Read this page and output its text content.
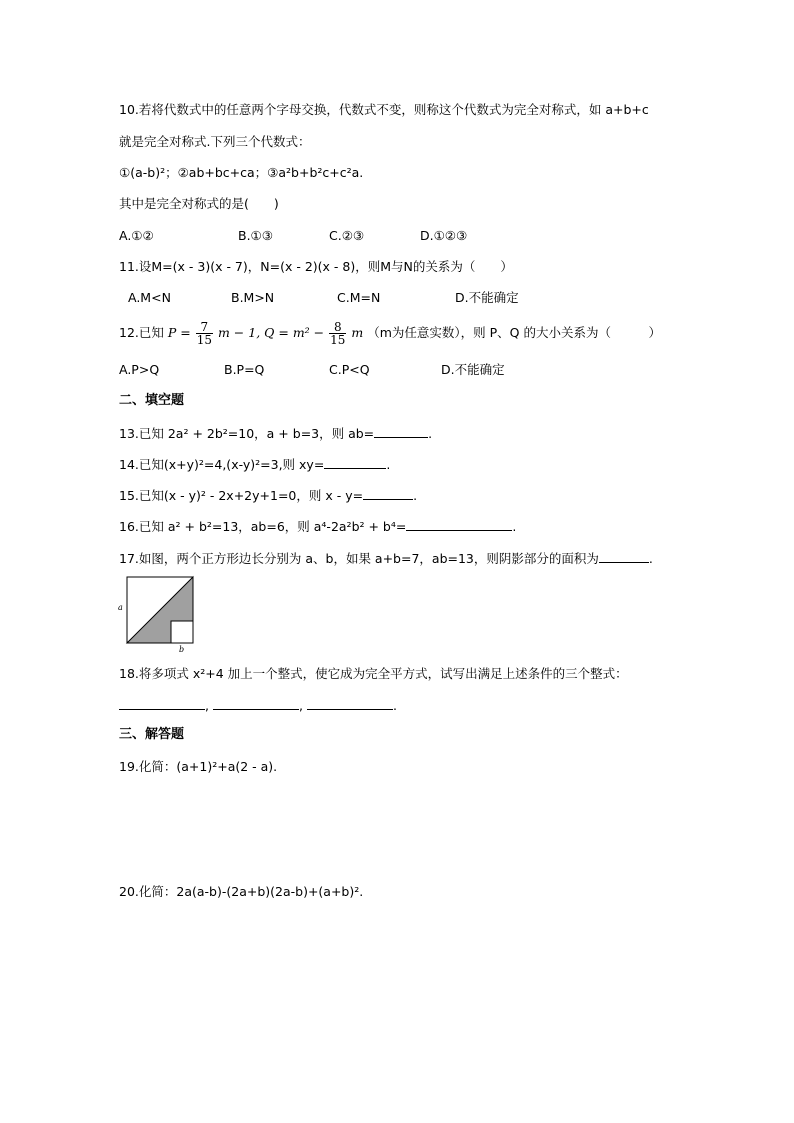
10.若将代数式中的任意两个字母交换，代数式不变，则称这个代数式为完全对称式，如 a+b+c
就是完全对称式.下列三个代数式：
①(a-b)²；②ab+bc+ca；③a²b+b²c+c²a.
其中是完全对称式的是(　　)
A.①②	B.①③	C.②③	D.①②③
11.设M=(x - 3)(x - 7)，N=(x - 2)(x - 8)，则M与N的关系为（　　）
A.M<N	B.M>N	C.M=N	D.不能确定
12.已知 $P = \frac{7}{15}$ m − 1, $Q = m^2 - \frac{8}{15}$ m （m为任意实数），则 P、Q 的大小关系为（　　　）
A.P>Q	B.P=Q	C.P<Q	D.不能确定
二、填空题
13.已知 2a² + 2b²=10，a + b=3，则 ab=	.
14.已知(x+y)²=4,(x-y)²=3,则 xy=	.
15.已知(x - y)² - 2x+2y+1=0，则 x - y=	.
16.已知 a² + b²=13，ab=6，则 a⁴-2a²b² + b⁴=	.
17.如图，两个正方形边长分别为 a、b，如果 a+b=7，ab=13，则阴影部分的面积为	.
a
b
18.将多项式 x²+4 加上一个整式，使它成为完全平方式，试写出满足上述条件的三个整式：
,	,	.
三、解答题
19.化简：(a+1)²+a(2 - a).
20.化简：2a(a-b)-(2a+b)(2a-b)+(a+b)².
